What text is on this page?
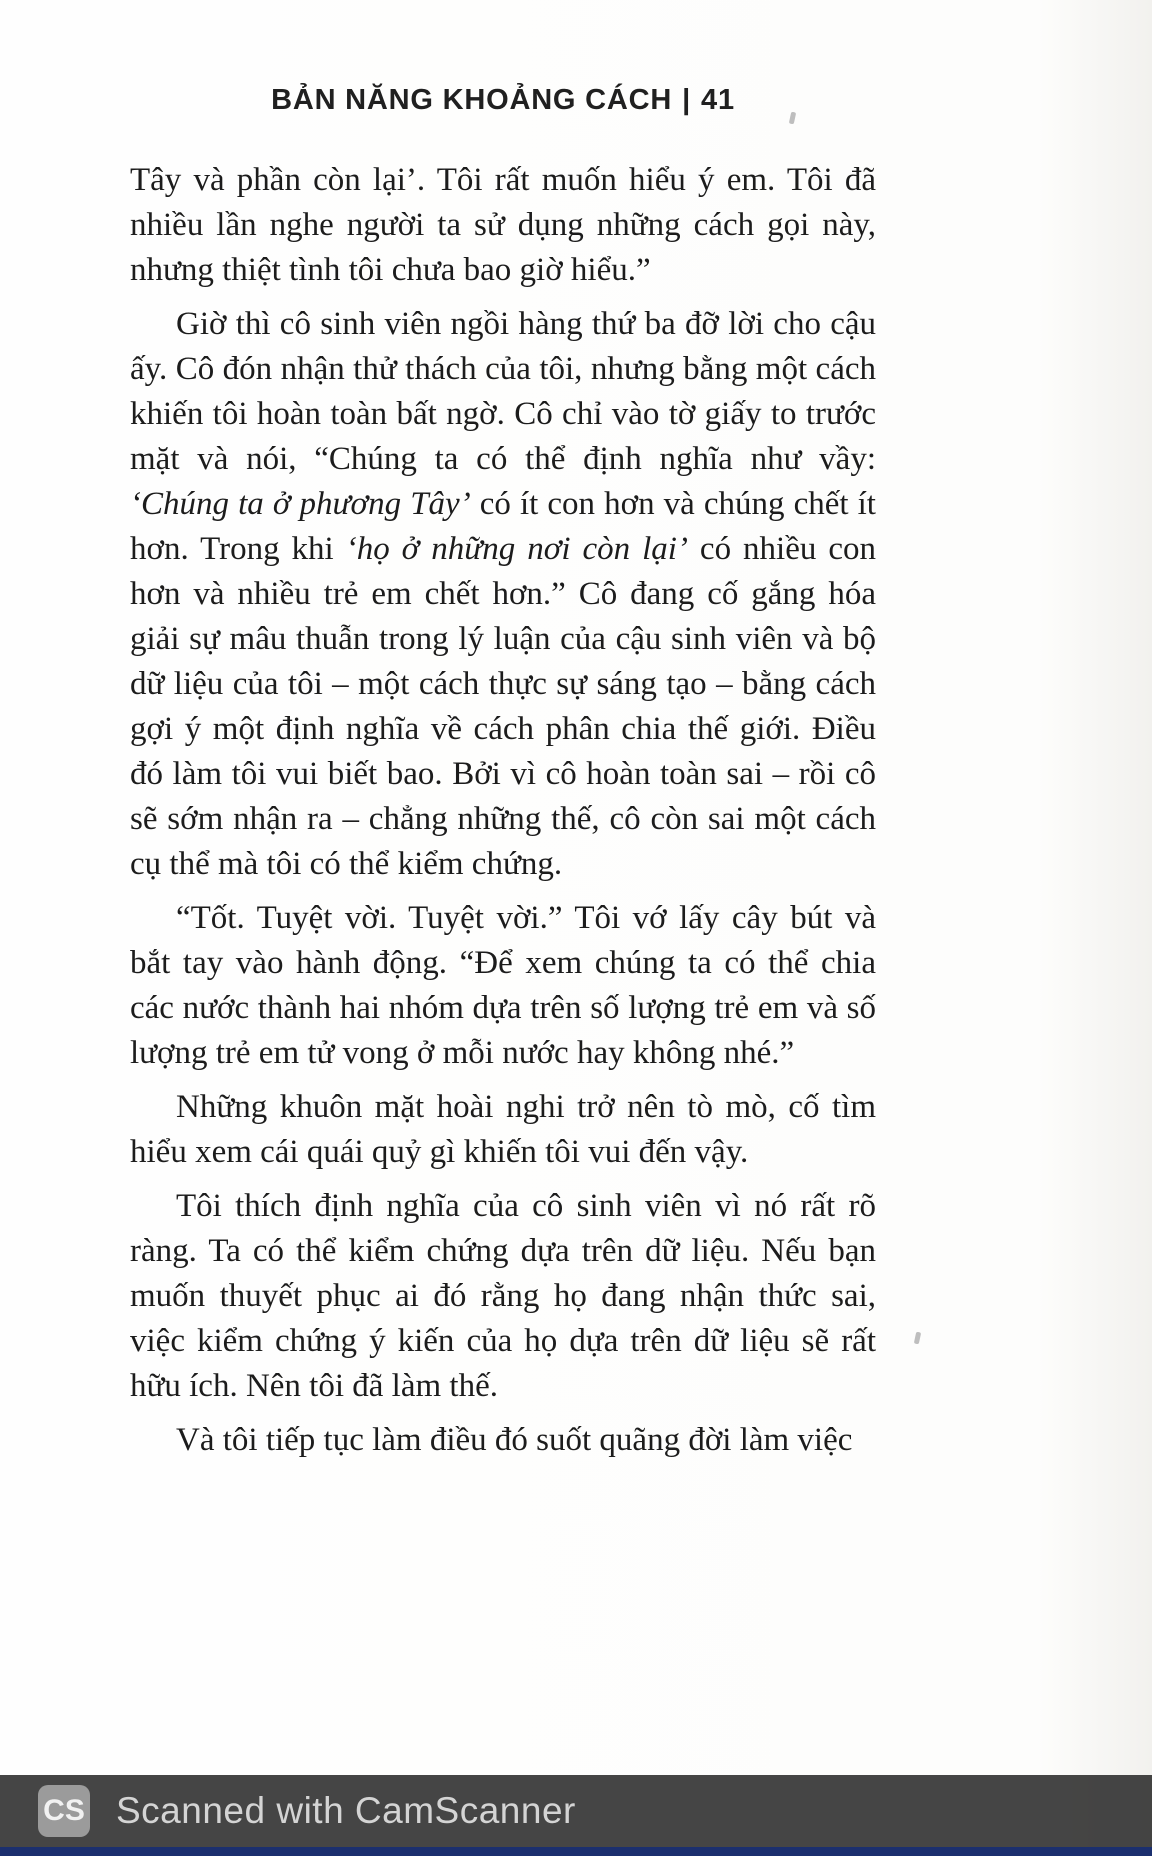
BẢN NĂNG KHOẢNG CÁCH | 41

Tây và phần còn lại’. Tôi rất muốn hiểu ý em. Tôi đã nhiều lần nghe người ta sử dụng những cách gọi này, nhưng thiệt tình tôi chưa bao giờ hiểu.”

Giờ thì cô sinh viên ngồi hàng thứ ba đỡ lời cho cậu ấy. Cô đón nhận thử thách của tôi, nhưng bằng một cách khiến tôi hoàn toàn bất ngờ. Cô chỉ vào tờ giấy to trước mặt và nói, “Chúng ta có thể định nghĩa như vầy: ‘Chúng ta ở phương Tây’ có ít con hơn và chúng chết ít hơn. Trong khi ‘họ ở những nơi còn lại’ có nhiều con hơn và nhiều trẻ em chết hơn.” Cô đang cố gắng hóa giải sự mâu thuẫn trong lý luận của cậu sinh viên và bộ dữ liệu của tôi – một cách thực sự sáng tạo – bằng cách gợi ý một định nghĩa về cách phân chia thế giới. Điều đó làm tôi vui biết bao. Bởi vì cô hoàn toàn sai – rồi cô sẽ sớm nhận ra – chẳng những thế, cô còn sai một cách cụ thể mà tôi có thể kiểm chứng.

“Tốt. Tuyệt vời. Tuyệt vời.” Tôi vớ lấy cây bút và bắt tay vào hành động. “Để xem chúng ta có thể chia các nước thành hai nhóm dựa trên số lượng trẻ em và số lượng trẻ em tử vong ở mỗi nước hay không nhé.”

Những khuôn mặt hoài nghi trở nên tò mò, cố tìm hiểu xem cái quái quỷ gì khiến tôi vui đến vậy.

Tôi thích định nghĩa của cô sinh viên vì nó rất rõ ràng. Ta có thể kiểm chứng dựa trên dữ liệu. Nếu bạn muốn thuyết phục ai đó rằng họ đang nhận thức sai, việc kiểm chứng ý kiến của họ dựa trên dữ liệu sẽ rất hữu ích. Nên tôi đã làm thế.

Và tôi tiếp tục làm điều đó suốt quãng đời làm việc

CS Scanned with CamScanner
